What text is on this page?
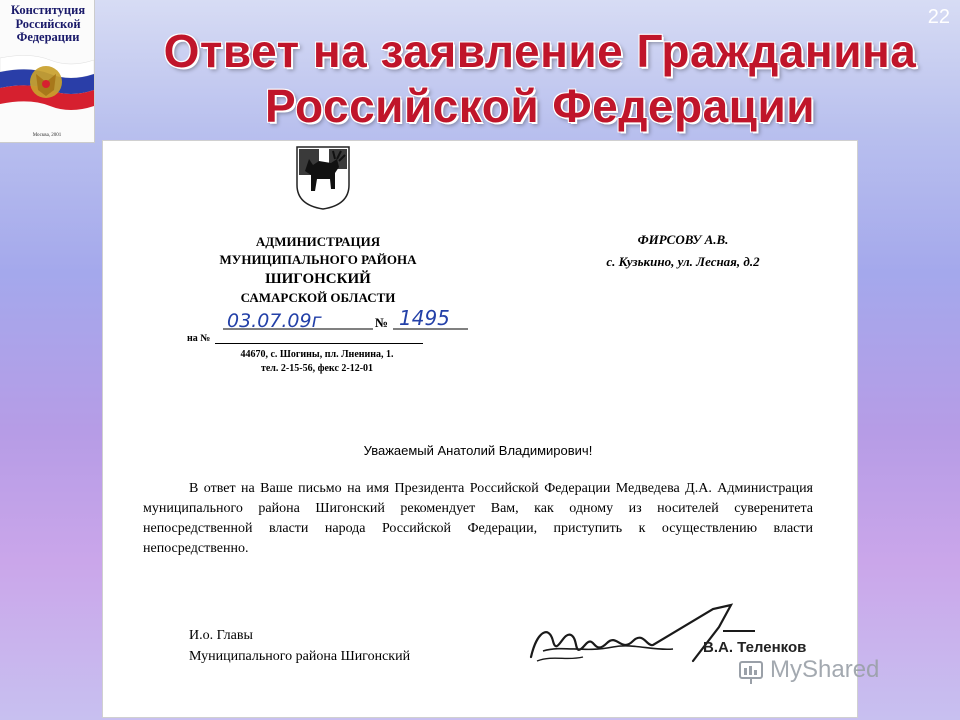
Конституция Российской Федерации
Москва, 2001
Ответ на заявление Гражданина Российской Федерации
22
АДМИНИСТРАЦИЯ
МУНИЦИПАЛЬНОГО РАЙОНА
ШИГОНСКИЙ
САМАРСКОЙ ОБЛАСТИ
03.07.09г	№ 1495
на №
44670, с. Шогины, пл. Лненина, 1.
тел. 2-15-56, фекс 2-12-01
ФИРСОВУ А.В.
с. Кузькино, ул. Лесная, д.2
Уважаемый Анатолий Владимирович!
В ответ на Ваше письмо на имя Президента Российской Федерации Медведева Д.А. Администрация муниципального района Шигонский рекомендует Вам, как одному из носителей суверенитета непосредственной власти народа Российской Федерации, приступить к осуществлению власти непосредственно.
И.о. Главы
Муниципального района Шигонский
В.А. Теленков
MyShared
